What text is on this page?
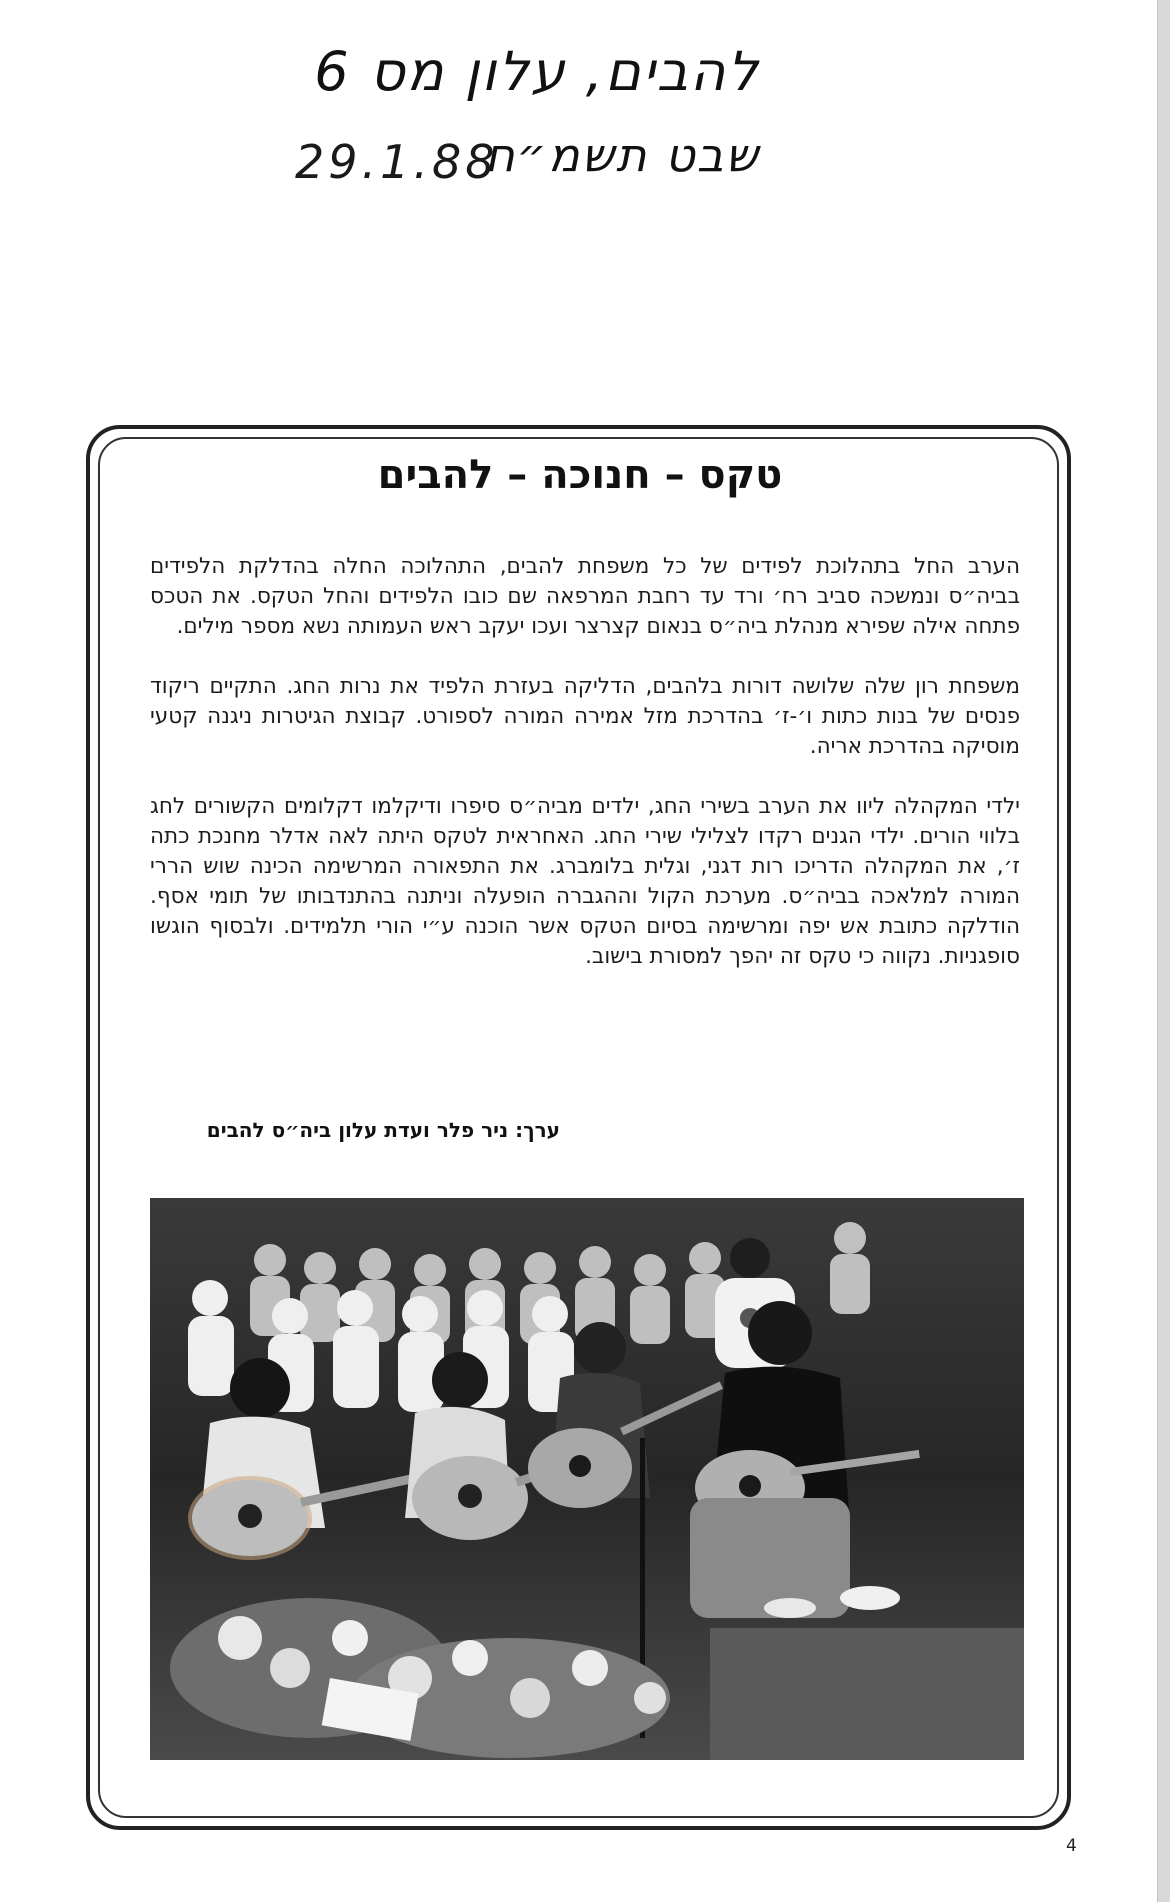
להבים, עלון מס 6
שבט תשמ״ח
29.1.88
טקס – חנוכה – להבים

הערב החל בתהלוכת לפידים של כל משפחת להבים, התהלוכה החלה בהדלקת הלפידים בביה״ס ונמשכה סביב רח׳ ורד עד רחבת המרפאה שם כובו הלפידים והחל הטקס. את הטכס פתחה אילה שפירא מנהלת ביה״ס בנאום קצרצר ועכו יעקב ראש העמותה נשא מספר מילים.

משפחת רון שלה שלושה דורות בלהבים, הדליקה בעזרת הלפיד את נרות החג. התקיים ריקוד פנסים של בנות כתות ו׳-ז׳ בהדרכת מזל אמירה המורה לספורט. קבוצת הגיטרות ניגנה קטעי מוסיקה בהדרכת אריה.

ילדי המקהלה ליוו את הערב בשירי החג, ילדים מביה״ס סיפרו ודיקלמו דקלומים הקשורים לחג בלווי הורים. ילדי הגנים רקדו לצלילי שירי החג. האחראית לטקס היתה לאה אדלר מחנכת כתה ז׳, את המקהלה הדריכו רות דגני, וגלית בלומברג. את התפאורה המרשימה הכינה שוש הררי המורה למלאכה בביה״ס. מערכת הקול וההגברה הופעלה וניתנה בהתנדבותו של תומי אסף. הודלקה כתובת אש יפה ומרשימה בסיום הטקס אשר הוכנה ע״י הורי תלמידים. ולבסוף הוגשו סופגניות. נקווה כי טקס זה יהפך למסורת בישוב.

ערך: ניר פלר ועדת עלון ביה״ס להבים
4
